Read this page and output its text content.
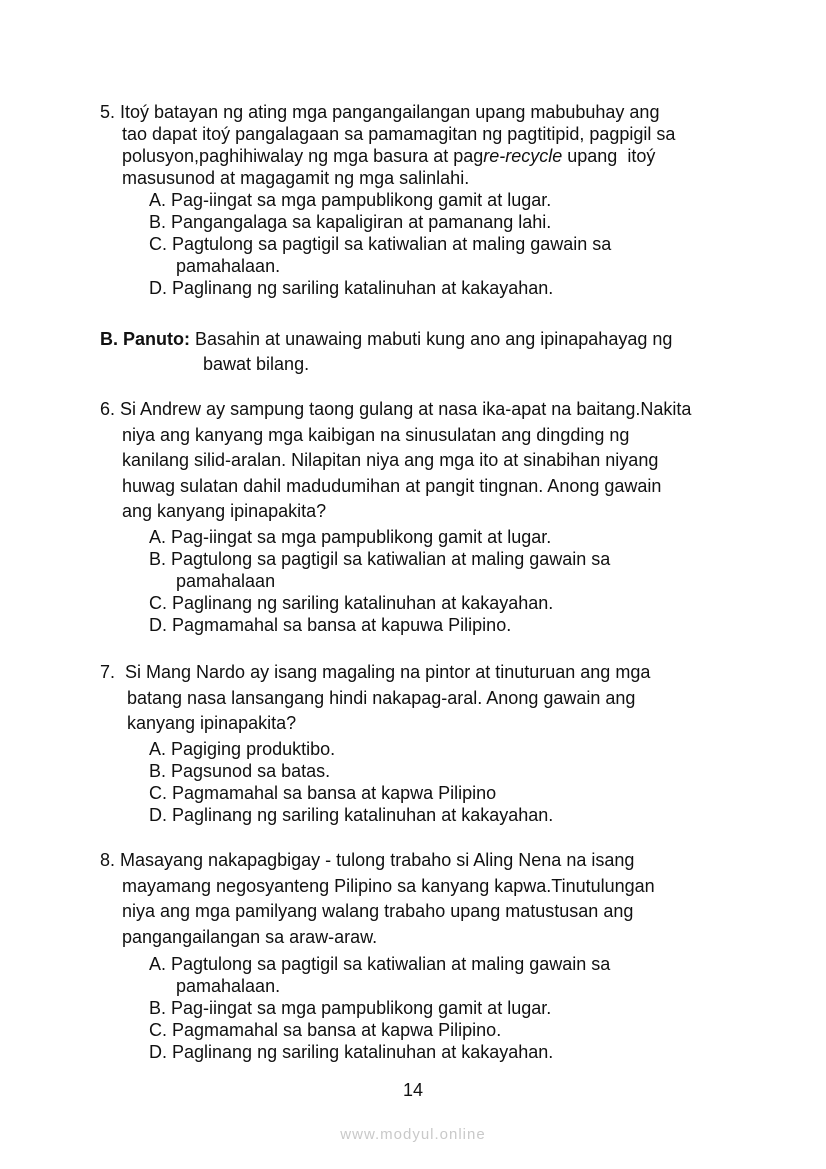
5. Itoý batayan ng ating mga pangangailangan upang mabubuhay ang
tao dapat itoý pangalagaan sa pamamagitan ng pagtitipid, pagpigil sa
polusyon,paghihiwalay ng mga basura at pagre-recycle upang  itoý
masusunod at magagamit ng mga salinlahi.
A. Pag-iingat sa mga pampublikong gamit at lugar.
B. Pangangalaga sa kapaligiran at pamanang lahi.
C. Pagtulong sa pagtigil sa katiwalian at maling gawain sa
pamahalaan.
D. Paglinang ng sariling katalinuhan at kakayahan.
B. Panuto: Basahin at unawaing mabuti kung ano ang ipinapahayag ng
bawat bilang.
6. Si Andrew ay sampung taong gulang at nasa ika-apat na baitang.Nakita
niya ang kanyang mga kaibigan na sinusulatan ang dingding ng
kanilang silid-aralan. Nilapitan niya ang mga ito at sinabihan niyang
huwag sulatan dahil madudumihan at pangit tingnan. Anong gawain
ang kanyang ipinapakita?
A. Pag-iingat sa mga pampublikong gamit at lugar.
B. Pagtulong sa pagtigil sa katiwalian at maling gawain sa
pamahalaan
C. Paglinang ng sariling katalinuhan at kakayahan.
D. Pagmamahal sa bansa at kapuwa Pilipino.
7.  Si Mang Nardo ay isang magaling na pintor at tinuturuan ang mga
batang nasa lansangang hindi nakapag-aral. Anong gawain ang
kanyang ipinapakita?
A. Pagiging produktibo.
B. Pagsunod sa batas.
C. Pagmamahal sa bansa at kapwa Pilipino
D. Paglinang ng sariling katalinuhan at kakayahan.
8. Masayang nakapagbigay - tulong trabaho si Aling Nena na isang
mayamang negosyanteng Pilipino sa kanyang kapwa.Tinutulungan
niya ang mga pamilyang walang trabaho upang matustusan ang
pangangailangan sa araw-araw.
A. Pagtulong sa pagtigil sa katiwalian at maling gawain sa
pamahalaan.
B. Pag-iingat sa mga pampublikong gamit at lugar.
C. Pagmamahal sa bansa at kapwa Pilipino.
D. Paglinang ng sariling katalinuhan at kakayahan.
14
www.modyul.online
